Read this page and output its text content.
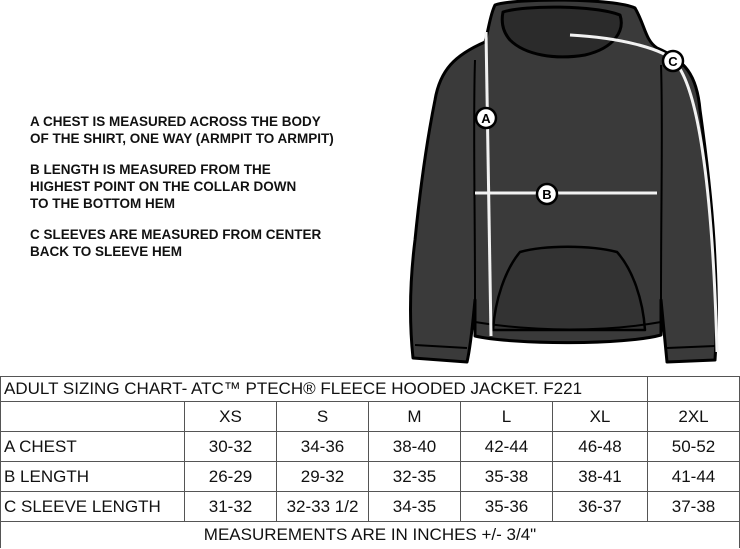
A CHEST IS MEASURED ACROSS THE BODY
OF THE SHIRT, ONE WAY (ARMPIT TO ARMPIT)
B LENGTH IS MEASURED FROM THE
HIGHEST POINT ON THE COLLAR DOWN
TO THE BOTTOM HEM
C SLEEVES ARE MEASURED FROM CENTER
BACK TO SLEEVE HEM
A
B
C
ADULT SIZING CHART- ATC™ PTECH® FLEECE HOODED JACKET. F221						
	XS	S	M	L	XL	2XL
A CHEST	30-32	34-36	38-40	42-44	46-48	50-52
B LENGTH	26-29	29-32	32-35	35-38	38-41	41-44
C SLEEVE LENGTH	31-32	32-33 1/2	34-35	35-36	36-37	37-38
MEASUREMENTS ARE IN INCHES +/- 3/4"						
